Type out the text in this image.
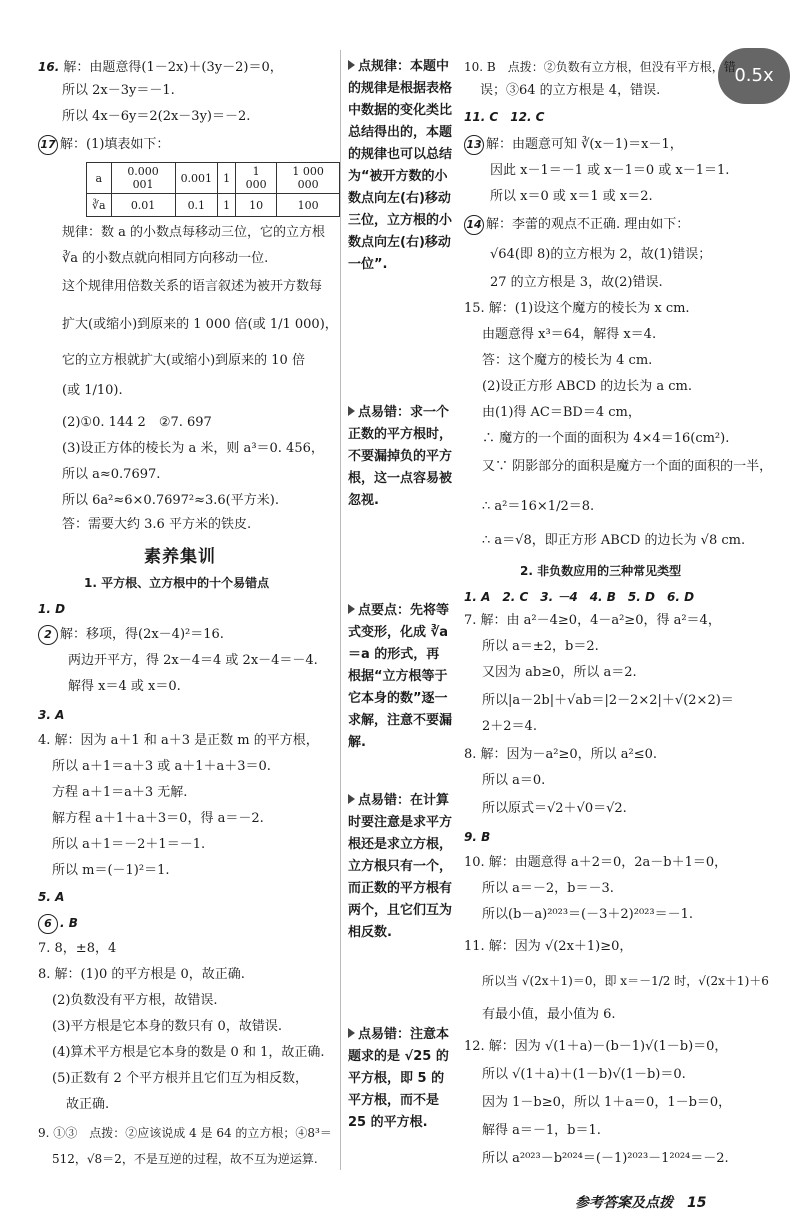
0.5x
16. 解：由题意得(1－2x)＋(3y－2)＝0，
所以 2x－3y＝－1.
所以 4x－6y＝2(2x－3y)＝－2.
17 解：(1)填表如下：
a	0.000 001	0.001	1	1 000	1 000 000
∛a	0.01	0.1	1	10	100
规律：数 a 的小数点每移动三位，它的立方根
∛a 的小数点就向相同方向移动一位.
这个规律用倍数关系的语言叙述为被开方数每
扩大(或缩小)到原来的 1 000 倍(或 1/1 000)，
它的立方根就扩大(或缩小)到原来的 10 倍
(或 1/10).
(2)①0. 144 2　②7. 697
(3)设正方体的棱长为 a 米，则 a³＝0. 456，
所以 a≈0.7697.
所以 6a²≈6×0.7697²≈3.6(平方米).
答：需要大约 3.6 平方米的铁皮.
素养集训
1. 平方根、立方根中的十个易错点
1. D
2 解：移项，得(2x－4)²＝16.
两边开平方，得 2x－4＝4 或 2x－4＝－4.
解得 x＝4 或 x＝0.
3. A
4. 解：因为 a＋1 和 a＋3 是正数 m 的平方根，
所以 a＋1＝a＋3 或 a＋1＋a＋3＝0.
方程 a＋1＝a＋3 无解.
解方程 a＋1＋a＋3＝0，得 a＝－2.
所以 a＋1＝－2＋1＝－1.
所以 m＝(－1)²＝1.
5. A
6 . B
7. 8，±8，4
8. 解：(1)0 的平方根是 0，故正确.
(2)负数没有平方根，故错误.
(3)平方根是它本身的数只有 0，故错误.
(4)算术平方根是它本身的数是 0 和 1，故正确.
(5)正数有 2 个平方根并且它们互为相反数，
故正确.
9. ①③　点拨：②应该说成 4 是 64 的立方根；④8³＝
512，√8＝2，不是互逆的过程，故不互为逆运算.
点规律：本题中的规律是根据表格中数据的变化类比总结得出的，本题的规律也可以总结为“被开方数的小数点向左(右)移动三位，立方根的小数点向左(右)移动一位”.
点易错：求一个正数的平方根时，不要漏掉负的平方根，这一点容易被忽视.
点要点：先将等式变形，化成 ∛a＝a 的形式，再根据“立方根等于它本身的数”逐一求解，注意不要漏解.
点易错：在计算时要注意是求平方根还是求立方根，立方根只有一个，而正数的平方根有两个，且它们互为相反数.
点易错：注意本题求的是 √25 的平方根，即 5 的平方根，而不是 25 的平方根.
10. B　点拨：②负数有立方根，但没有平方根，错
误；③64 的立方根是 4，错误.
11. C　12. C
13 解：由题意可知 ∛(x－1)＝x－1，
因此 x－1＝－1 或 x－1＝0 或 x－1＝1.
所以 x＝0 或 x＝1 或 x＝2.
14 解：李蕾的观点不正确. 理由如下：
√64(即 8)的立方根为 2，故(1)错误；
27 的立方根是 3，故(2)错误.
15. 解：(1)设这个魔方的棱长为 x cm.
由题意得 x³＝64，解得 x＝4.
答：这个魔方的棱长为 4 cm.
(2)设正方形 ABCD 的边长为 a cm.
由(1)得 AC＝BD＝4 cm，
∴ 魔方的一个面的面积为 4×4＝16(cm²).
又∵ 阴影部分的面积是魔方一个面的面积的一半，
∴ a²＝16×1/2＝8.
∴ a＝√8，即正方形 ABCD 的边长为 √8 cm.
2. 非负数应用的三种常见类型
1. A　2. C　3. －4　4. B　5. D　6. D
7. 解：由 a²－4≥0，4－a²≥0，得 a²＝4，
所以 a＝±2，b＝2.
又因为 ab≥0，所以 a＝2.
所以|a－2b|＋√ab＝|2－2×2|＋√(2×2)＝
2＋2＝4.
8. 解：因为－a²≥0，所以 a²≤0.
所以 a＝0.
所以原式＝√2＋√0＝√2.
9. B
10. 解：由题意得 a＋2＝0，2a－b＋1＝0，
所以 a＝－2，b＝－3.
所以(b－a)²⁰²³＝(－3＋2)²⁰²³＝－1.
11. 解：因为 √(2x＋1)≥0，
所以当 √(2x＋1)＝0，即 x＝－1/2 时，√(2x＋1)＋6
有最小值，最小值为 6.
12. 解：因为 √(1＋a)－(b－1)√(1－b)＝0，
所以 √(1＋a)＋(1－b)√(1－b)＝0.
因为 1－b≥0，所以 1＋a＝0，1－b＝0，
解得 a＝－1，b＝1.
所以 a²⁰²³－b²⁰²⁴＝(－1)²⁰²³－1²⁰²⁴＝－2.
参考答案及点拨　15
